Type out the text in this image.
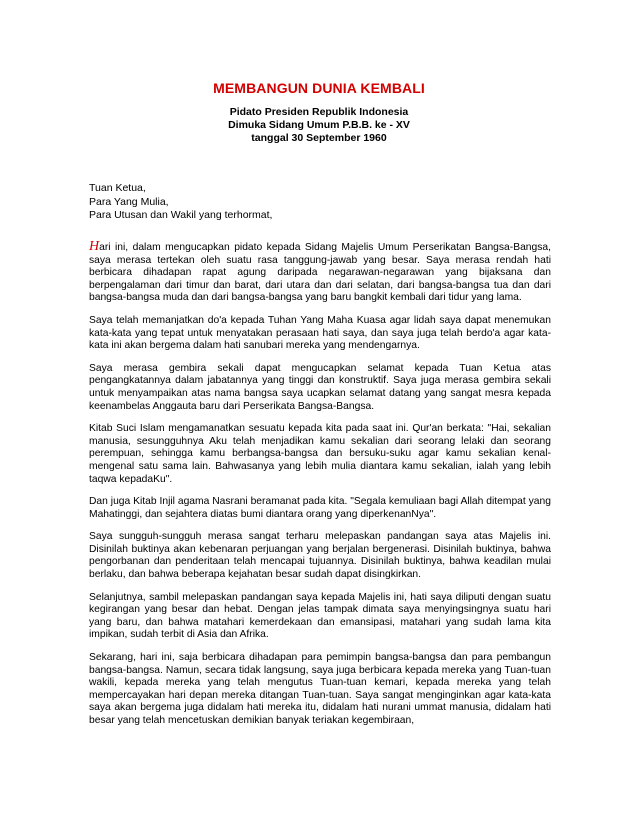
MEMBANGUN DUNIA KEMBALI
Pidato Presiden Republik Indonesia
Dimuka Sidang Umum P.B.B. ke - XV
tanggal 30 September 1960
Tuan Ketua,
Para Yang Mulia,
Para Utusan dan Wakil yang terhormat,

Hari ini, dalam mengucapkan pidato kepada Sidang Majelis Umum Perserikatan Bangsa-Bangsa, saya merasa tertekan oleh suatu rasa tanggung-jawab yang besar. Saya merasa rendah hati berbicara dihadapan rapat agung daripada negarawan-negarawan yang bijaksana dan berpengalaman dari timur dan barat, dari utara dan dari selatan, dari bangsa-bangsa tua dan dari bangsa-bangsa muda dan dari bangsa-bangsa yang baru bangkit kembali dari tidur yang lama.

Saya telah memanjatkan do'a kepada Tuhan Yang Maha Kuasa agar lidah saya dapat menemukan kata-kata yang tepat untuk menyatakan perasaan hati saya, dan saya juga telah berdo'a agar kata-kata ini akan bergema dalam hati sanubari mereka yang mendengarnya.

Saya merasa gembira sekali dapat mengucapkan selamat kepada Tuan Ketua atas pengangkatannya dalam jabatannya yang tinggi dan konstruktif. Saya juga merasa gembira sekali untuk menyampaikan atas nama bangsa saya ucapkan selamat datang yang sangat mesra kepada keenambelas Anggauta baru dari Perserikata Bangsa-Bangsa.

Kitab Suci Islam mengamanatkan sesuatu kepada kita pada saat ini. Qur'an berkata: "Hai, sekalian manusia, sesungguhnya Aku telah menjadikan kamu sekalian dari seorang lelaki dan seorang perempuan, sehingga kamu berbangsa-bangsa dan bersuku-suku agar kamu sekalian kenal-mengenal satu sama lain. Bahwasanya yang lebih mulia diantara kamu sekalian, ialah yang lebih taqwa kepadaKu".

Dan juga Kitab Injil agama Nasrani beramanat pada kita. "Segala kemuliaan bagi Allah ditempat yang Mahatinggi, dan sejahtera diatas bumi diantara orang yang diperkenanNya".

Saya sungguh-sungguh merasa sangat terharu melepaskan pandangan saya atas Majelis ini. Disinilah buktinya akan kebenaran perjuangan yang berjalan bergenerasi. Disinilah buktinya, bahwa pengorbanan dan penderitaan telah mencapai tujuannya. Disinilah buktinya, bahwa keadilan mulai berlaku, dan bahwa beberapa kejahatan besar sudah dapat disingkirkan.

Selanjutnya, sambil melepaskan pandangan saya kepada Majelis ini, hati saya diliputi dengan suatu kegirangan yang besar dan hebat. Dengan jelas tampak dimata saya menyingsingnya suatu hari yang baru, dan bahwa matahari kemerdekaan dan emansipasi, matahari yang sudah lama kita impikan, sudah terbit di Asia dan Afrika.

Sekarang, hari ini, saja berbicara dihadapan para pemimpin bangsa-bangsa dan para pembangun bangsa-bangsa. Namun, secara tidak langsung, saya juga berbicara kepada mereka yang Tuan-tuan wakili, kepada mereka yang telah mengutus Tuan-tuan kemari, kepada mereka yang telah mempercayakan hari depan mereka ditangan Tuan-tuan. Saya sangat menginginkan agar kata-kata saya akan bergema juga didalam hati mereka itu, didalam hati nurani ummat manusia, didalam hati besar yang telah mencetuskan demikian banyak teriakan kegembiraan,
